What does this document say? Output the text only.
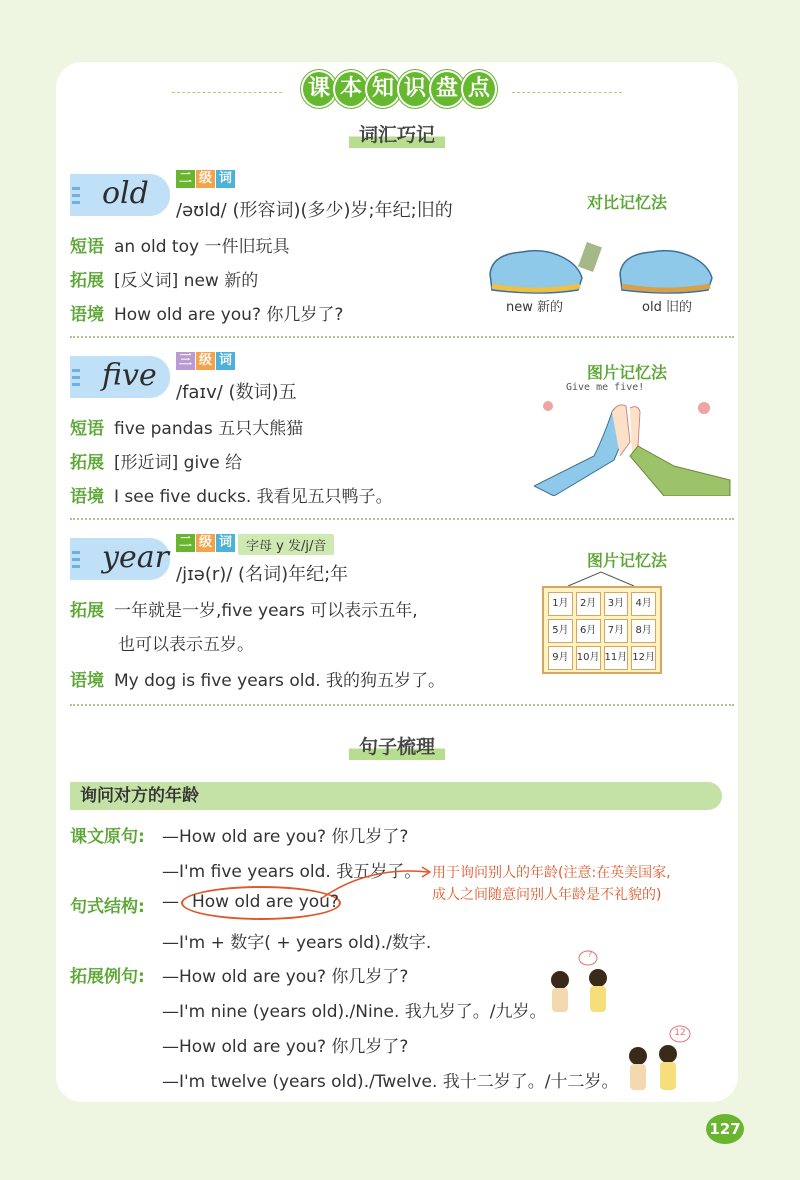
课 本 知 识 盘 点
词汇巧记
old	二 级 词
/əʊld/ (形容词)(多少)岁;年纪;旧的
短语 an old toy 一件旧玩具
拓展 [反义词] new 新的
语境 How old are you? 你几岁了?
对比记忆法
new 新的	old 旧的
five	三 级 词
/faɪv/ (数词)五
短语 five pandas 五只大熊猫
拓展 [形近词] give 给
语境 I see five ducks. 我看见五只鸭子。
图片记忆法
Give me five!
year 二 级 词	字母 y 发/j/音
/jɪə(r)/ (名词)年纪;年
拓展 一年就是一岁,five years 可以表示五年,
也可以表示五岁。
语境 My dog is five years old. 我的狗五岁了。
图片记忆法
1月	2月	3月	4月
5月	6月	7月	8月
9月 10月 11月 12月
句子梳理
询问对方的年龄
课文原句: —How old are you? 你几岁了?
—I'm five years old. 我五岁了。 用于询问别人的年龄(注意:在英美国家,
成人之间随意问别人年龄是不礼貌的)
句式结构: — How old are you?
—I'm + 数字( + years old)./数字.
拓展例句: —How old are you? 你几岁了?
—I'm nine (years old)./Nine. 我九岁了。/九岁。
—How old are you? 你几岁了?
—I'm twelve (years old)./Twelve. 我十二岁了。/十二岁。
?
12
127
